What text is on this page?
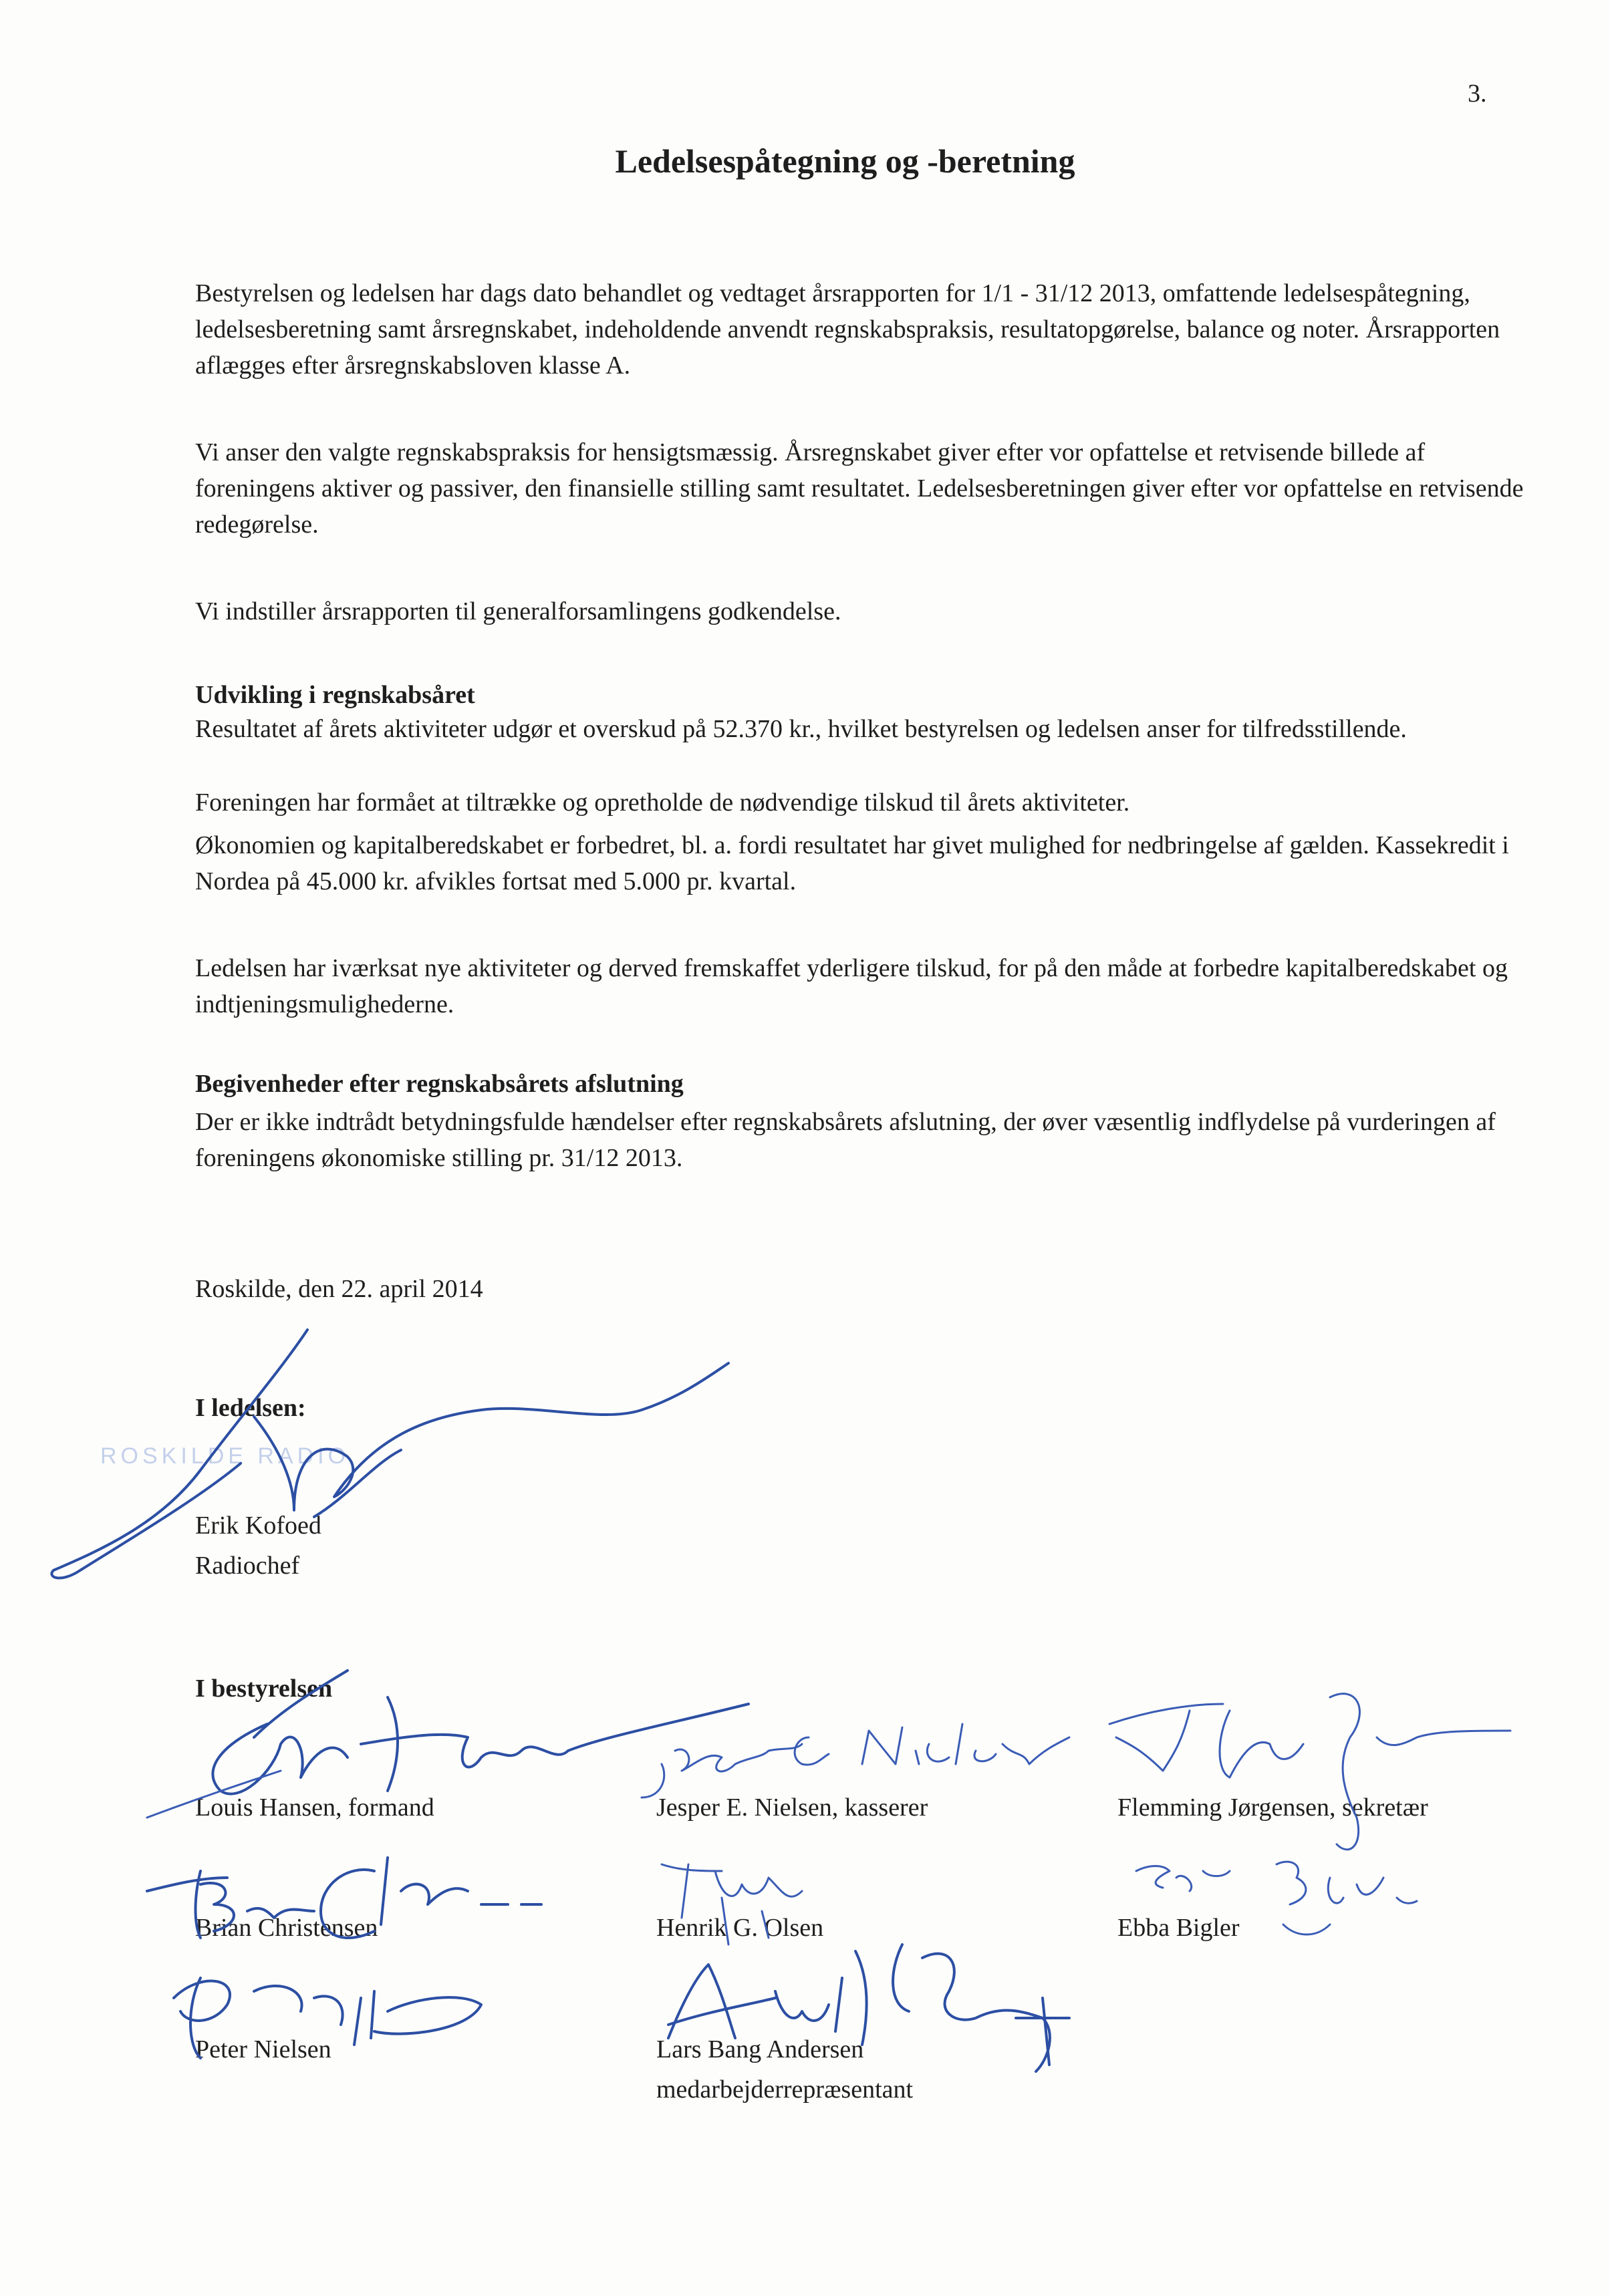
3.
Ledelsespåtegning og -beretning

Bestyrelsen og ledelsen har dags dato behandlet og vedtaget årsrapporten for 1/1 - 31/12 2013, omfattende ledelsespåtegning, ledelsesberetning samt årsregnskabet, indeholdende anvendt regnskabspraksis, resultatopgørelse, balance og noter. Årsrapporten aflægges efter årsregnskabsloven klasse A.

Vi anser den valgte regnskabspraksis for hensigtsmæssig. Årsregnskabet giver efter vor opfattelse et retvisende billede af foreningens aktiver og passiver, den finansielle stilling samt resultatet. Ledelsesberetningen giver efter vor opfattelse en retvisende redegørelse.

Vi indstiller årsrapporten til generalforsamlingens godkendelse.

Udvikling i regnskabsåret

Resultatet af årets aktiviteter udgør et overskud på 52.370 kr., hvilket bestyrelsen og ledelsen anser for tilfredsstillende.

Foreningen har formået at tiltrække og opretholde de nødvendige tilskud til årets aktiviteter.

Økonomien og kapitalberedskabet er forbedret, bl. a. fordi resultatet har givet mulighed for nedbringelse af gælden. Kassekredit i Nordea på 45.000 kr. afvikles fortsat med 5.000 pr. kvartal.

Ledelsen har iværksat nye aktiviteter og derved fremskaffet yderligere tilskud, for på den måde at forbedre kapitalberedskabet og indtjeningsmulighederne.

Begivenheder efter regnskabsårets afslutning

Der er ikke indtrådt betydningsfulde hændelser efter regnskabsårets afslutning, der øver væsentlig indflydelse på vurderingen af foreningens økonomiske stilling pr. 31/12 2013.

Roskilde, den 22. april 2014

I ledelsen:

ROSKILDE RADIO

Erik Kofoed

Radiochef

I bestyrelsen

Louis Hansen, formand	Jesper E. Nielsen, kasserer	Flemming Jørgensen, sekretær

Brian Christensen	Henrik G. Olsen	Ebba Bigler

Peter Nielsen	Lars Bang Andersen

medarbejderrepræsentant
